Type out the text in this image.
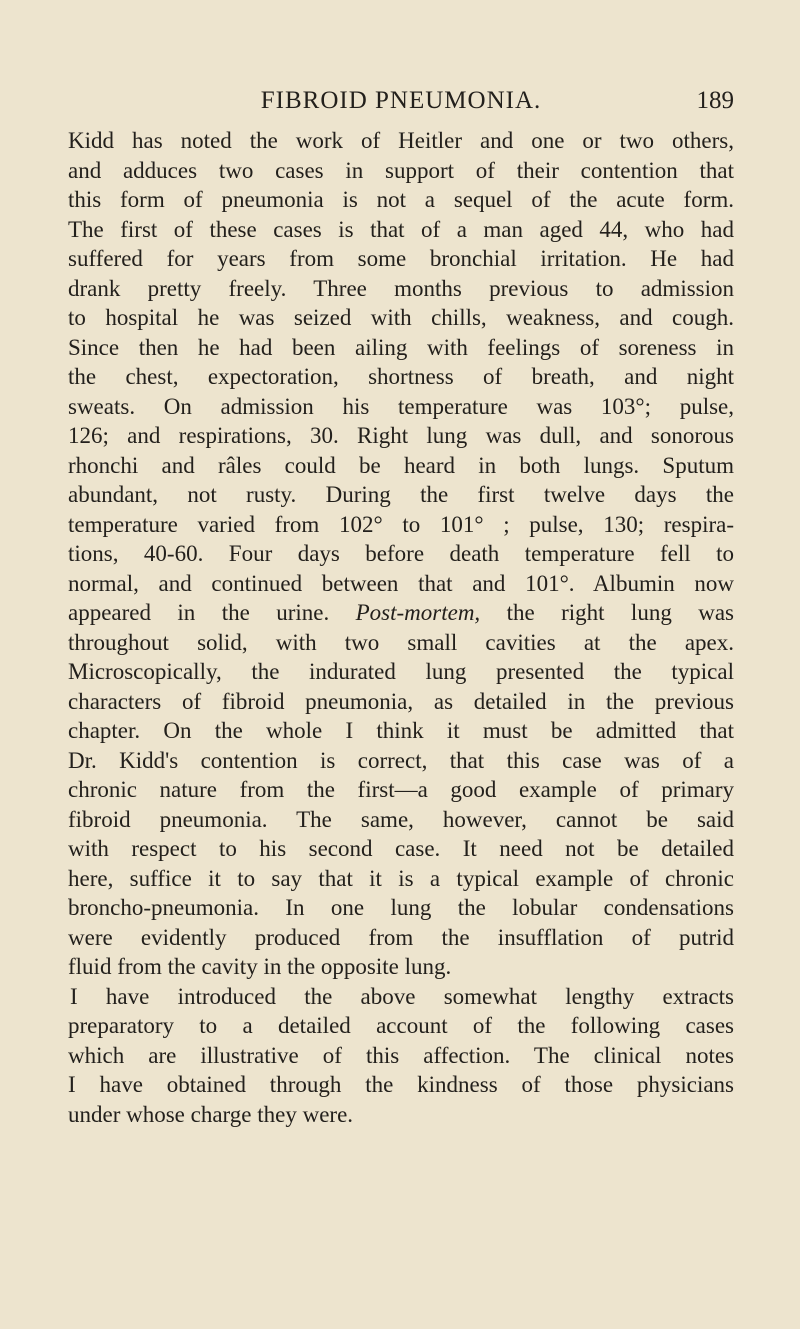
FIBROID PNEUMONIA.	189
Kidd has noted the work of Heitler and one or two others,
and adduces two cases in support of their contention that
this form of pneumonia is not a sequel of the acute form.
The first of these cases is that of a man aged 44, who had
suffered for years from some bronchial irritation. He had
drank pretty freely. Three months previous to admission
to hospital he was seized with chills, weakness, and cough.
Since then he had been ailing with feelings of soreness in
the chest, expectoration, shortness of breath, and night
sweats. On admission his temperature was 103°; pulse,
126; and respirations, 30. Right lung was dull, and sonorous
rhonchi and râles could be heard in both lungs. Sputum
abundant, not rusty. During the first twelve days the
temperature varied from 102° to 101° ; pulse, 130; respira-
tions, 40-60. Four days before death temperature fell to
normal, and continued between that and 101°. Albumin now
appeared in the urine. Post-mortem, the right lung was
throughout solid, with two small cavities at the apex.
Microscopically, the indurated lung presented the typical
characters of fibroid pneumonia, as detailed in the previous
chapter. On the whole I think it must be admitted that
Dr. Kidd's contention is correct, that this case was of a
chronic nature from the first—a good example of primary
fibroid pneumonia. The same, however, cannot be said
with respect to his second case. It need not be detailed
here, suffice it to say that it is a typical example of chronic
broncho-pneumonia. In one lung the lobular condensations
were evidently produced from the insufflation of putrid
fluid from the cavity in the opposite lung.
I have introduced the above somewhat lengthy extracts
preparatory to a detailed account of the following cases
which are illustrative of this affection. The clinical notes
I have obtained through the kindness of those physicians
under whose charge they were.
